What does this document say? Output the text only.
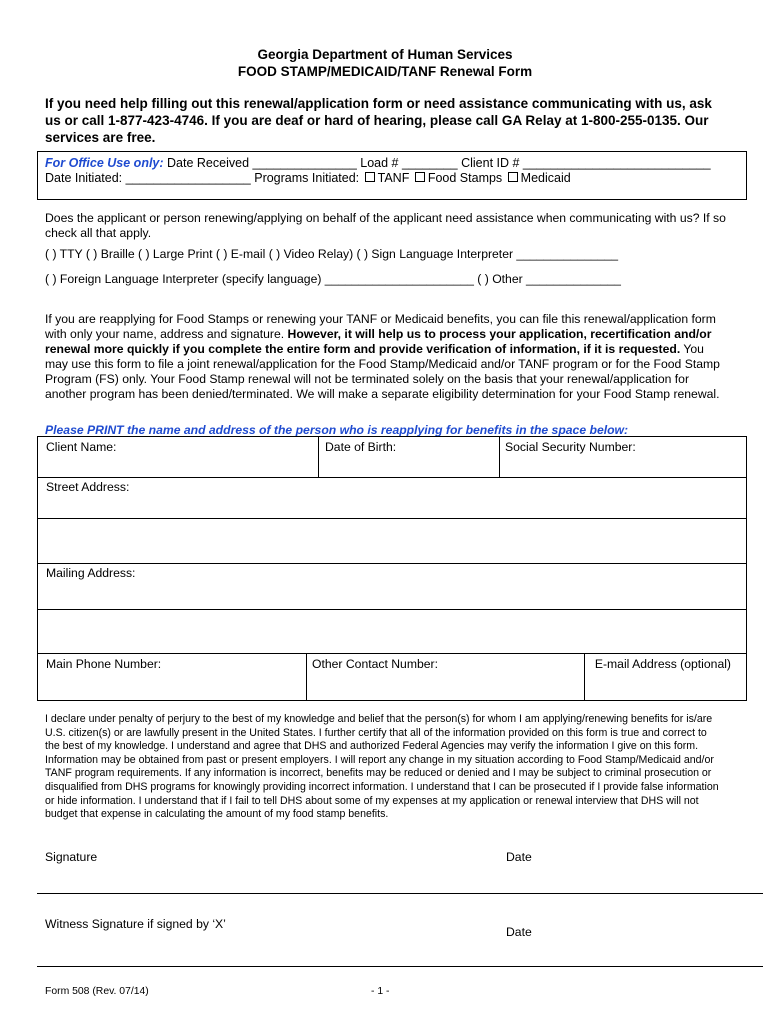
Georgia Department of Human Services
FOOD STAMP/MEDICAID/TANF Renewal Form
If you need help filling out this renewal/application form or need assistance communicating with us, ask us or call 1-877-423-4746. If you are deaf or hard of hearing, please call GA Relay at 1-800-255-0135. Our services are free.
For Office Use only: Date Received _______________ Load # ________ Client ID # ___________________________
Date Initiated: __________________ Programs Initiated: TANF Food Stamps Medicaid
Does the applicant or person renewing/applying on behalf of the applicant need assistance when communicating with us? If so check all that apply.
( ) TTY ( ) Braille ( ) Large Print ( ) E-mail ( ) Video Relay) ( ) Sign Language Interpreter _______________
( ) Foreign Language Interpreter (specify language) ______________________ ( ) Other ______________
If you are reapplying for Food Stamps or renewing your TANF or Medicaid benefits, you can file this renewal/application form with only your name, address and signature. However, it will help us to process your application, recertification and/or renewal more quickly if you complete the entire form and provide verification of information, if it is requested. You may use this form to file a joint renewal/application for the Food Stamp/Medicaid and/or TANF program or for the Food Stamp Program (FS) only. Your Food Stamp renewal will not be terminated solely on the basis that your renewal/application for another program has been denied/terminated. We will make a separate eligibility determination for your Food Stamp renewal.
Please PRINT the name and address of the person who is reapplying for benefits in the space below:
Client Name:	Date of Birth:	Social Security Number:
Street Address:
Mailing Address:
Main Phone Number:	Other Contact Number:	E-mail Address (optional)
I declare under penalty of perjury to the best of my knowledge and belief that the person(s) for whom I am applying/renewing benefits for is/are U.S. citizen(s) or are lawfully present in the United States. I further certify that all of the information provided on this form is true and correct to the best of my knowledge. I understand and agree that DHS and authorized Federal Agencies may verify the information I give on this form. Information may be obtained from past or present employers. I will report any change in my situation according to Food Stamp/Medicaid and/or TANF program requirements. If any information is incorrect, benefits may be reduced or denied and I may be subject to criminal prosecution or disqualified from DHS programs for knowingly providing incorrect information. I understand that I can be prosecuted if I provide false information or hide information. I understand that if I fail to tell DHS about some of my expenses at my application or renewal interview that DHS will not budget that expense in calculating the amount of my food stamp benefits.
Signature	Date
Witness Signature if signed by ‘X’
Date
Form 508 (Rev. 07/14)	- 1 -
